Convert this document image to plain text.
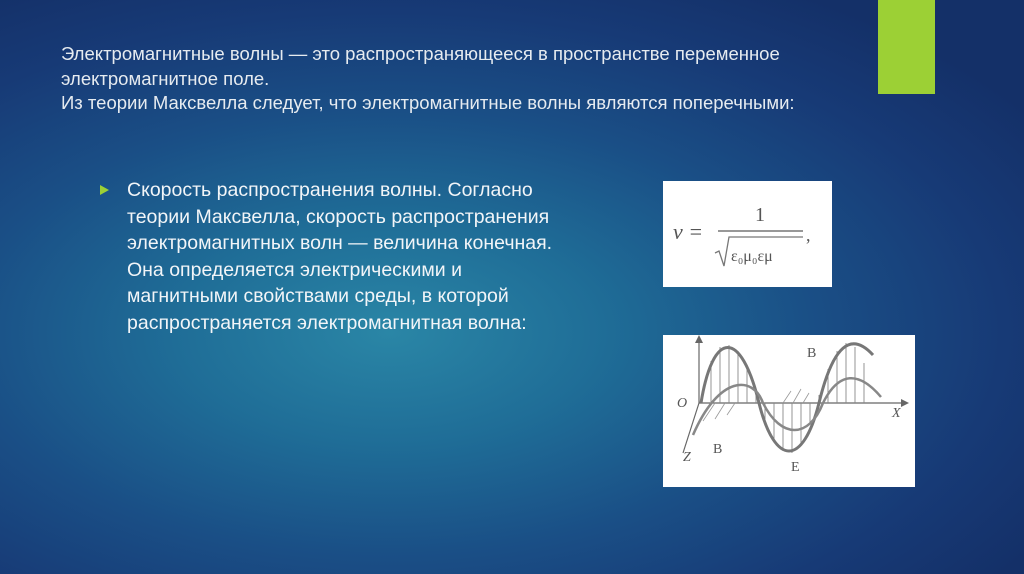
Электромагнитные волны — это распространяющееся в пространстве переменное электромагнитное поле.

Из теории Максвелла следует, что электромагнитные волны являются поперечными:

Скорость распространения волны. Согласно теории Максвелла, скорость распространения электромагнитных волн — величина конечная. Она определяется электрическими и магнитными свойствами среды, в которой распространяется электромагнитная волна:

v =
1
ε₀μ₀εμ
,
O
X
Z
B
B
E
